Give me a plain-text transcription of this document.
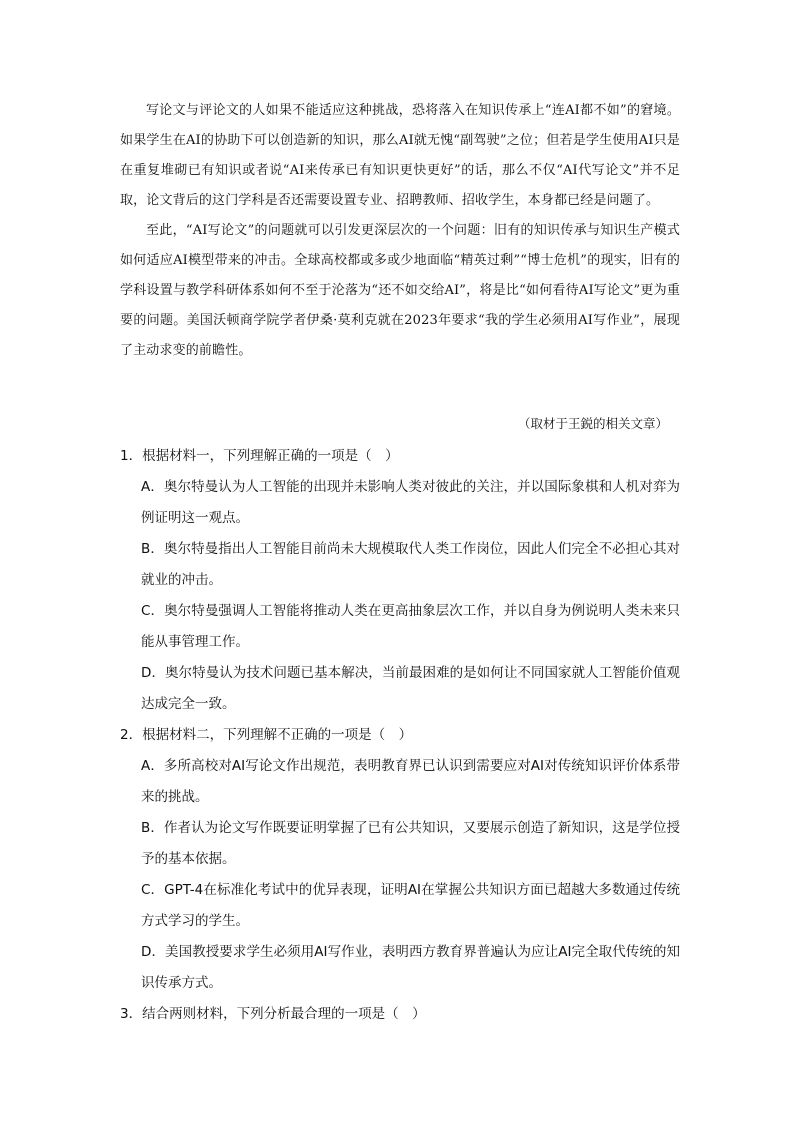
写论文与评论文的人如果不能适应这种挑战，恐将落入在知识传承上“连AI都不如”的窘境。如果学生在AI的协助下可以创造新的知识，那么AI就无愧“副驾驶”之位；但若是学生使用AI只是在重复堆砌已有知识或者说“AI来传承已有知识更快更好”的话，那么不仅“AI代写论文”并不足取，论文背后的这门学科是否还需要设置专业、招聘教师、招收学生，本身都已经是问题了。

至此，“AI写论文”的问题就可以引发更深层次的一个问题：旧有的知识传承与知识生产模式如何适应AI模型带来的冲击。全球高校都或多或少地面临“精英过剩”“博士危机”的现实，旧有的学科设置与教学科研体系如何不至于沦落为“还不如交给AI”，将是比“如何看待AI写论文”更为重要的问题。美国沃顿商学院学者伊桑·莫利克就在2023年要求“我的学生必须用AI写作业”，展现了主动求变的前瞻性。

（取材于王鋭的相关文章）

1．根据材料一，下列理解正确的一项是（　）

A．奥尔特曼认为人工智能的出现并未影响人类对彼此的关注，并以国际象棋和人机对弈为例证明这一观点。

B．奥尔特曼指出人工智能目前尚未大规模取代人类工作岗位，因此人们完全不必担心其对就业的冲击。

C．奥尔特曼强调人工智能将推动人类在更高抽象层次工作，并以自身为例说明人类未来只能从事管理工作。

D．奥尔特曼认为技术问题已基本解决，当前最困难的是如何让不同国家就人工智能价值观达成完全一致。

2．根据材料二，下列理解不正确的一项是（　）

A．多所高校对AI写论文作出规范，表明教育界已认识到需要应对AI对传统知识评价体系带来的挑战。

B．作者认为论文写作既要证明掌握了已有公共知识，又要展示创造了新知识，这是学位授予的基本依据。

C．GPT-4在标准化考试中的优异表现，证明AI在掌握公共知识方面已超越大多数通过传统方式学习的学生。

D．美国教授要求学生必须用AI写作业，表明西方教育界普遍认为应让AI完全取代传统的知识传承方式。

3．结合两则材料，下列分析最合理的一项是（　）
